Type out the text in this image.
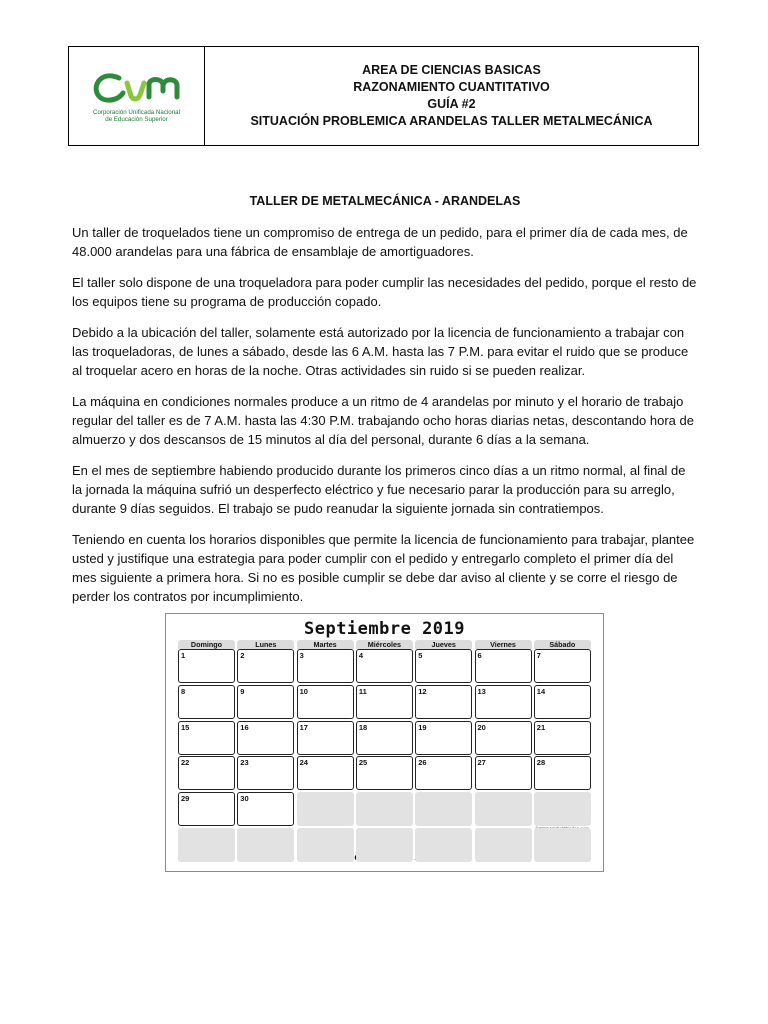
Corporación Unificada Nacional
de Educación Superior
AREA DE CIENCIAS BASICAS
RAZONAMIENTO CUANTITATIVO
GUÍA #2
SITUACIÓN PROBLEMICA ARANDELAS TALLER METALMECÁNICA
TALLER DE METALMECÁNICA - ARANDELAS

Un taller de troquelados tiene un compromiso de entrega de un pedido, para el primer día de cada mes, de 48.000 arandelas para una fábrica de ensamblaje de amortiguadores.

El taller solo dispone de una troqueladora para poder cumplir las necesidades del pedido, porque el resto de los equipos tiene su programa de producción copado.

Debido a la ubicación del taller, solamente está autorizado por la licencia de funcionamiento a trabajar con las troqueladoras, de lunes a sábado, desde las 6 A.M. hasta las 7 P.M. para evitar el ruido que se produce al troquelar acero en horas de la noche. Otras actividades sin ruido si se pueden realizar.

La máquina en condiciones normales produce a un ritmo de 4 arandelas por minuto y el horario de trabajo regular del taller es de 7 A.M. hasta las 4:30 P.M. trabajando ocho horas diarias netas, descontando hora de almuerzo y dos descansos de 15 minutos al día del personal, durante 6 días a la semana.

En el mes de septiembre habiendo producido durante los primeros cinco días a un ritmo normal, al final de la jornada la máquina sufrió un desperfecto eléctrico y fue necesario parar la producción para su arreglo, durante 9 días seguidos. El trabajo se pudo reanudar la siguiente jornada sin contratiempos.

Teniendo en cuenta los horarios disponibles que permite la licencia de funcionamiento para trabajar, plantee usted y justifique una estrategia para poder cumplir con el pedido y entregarlo completo el primer día del mes siguiente a primera hora. Si no es posible cumplir se debe dar aviso al cliente y se corre el riesgo de perder los contratos por incumplimiento.

Septiembre 2019
Domingo	Lunes	Martes	Miércoles	Jueves	Viernes	Sábado
1	2	3	4	5	6	7
8	9	10	11	12	13	14
15	16	17	18	19	20	21
22	23	24	25	26	27	28
29	30
